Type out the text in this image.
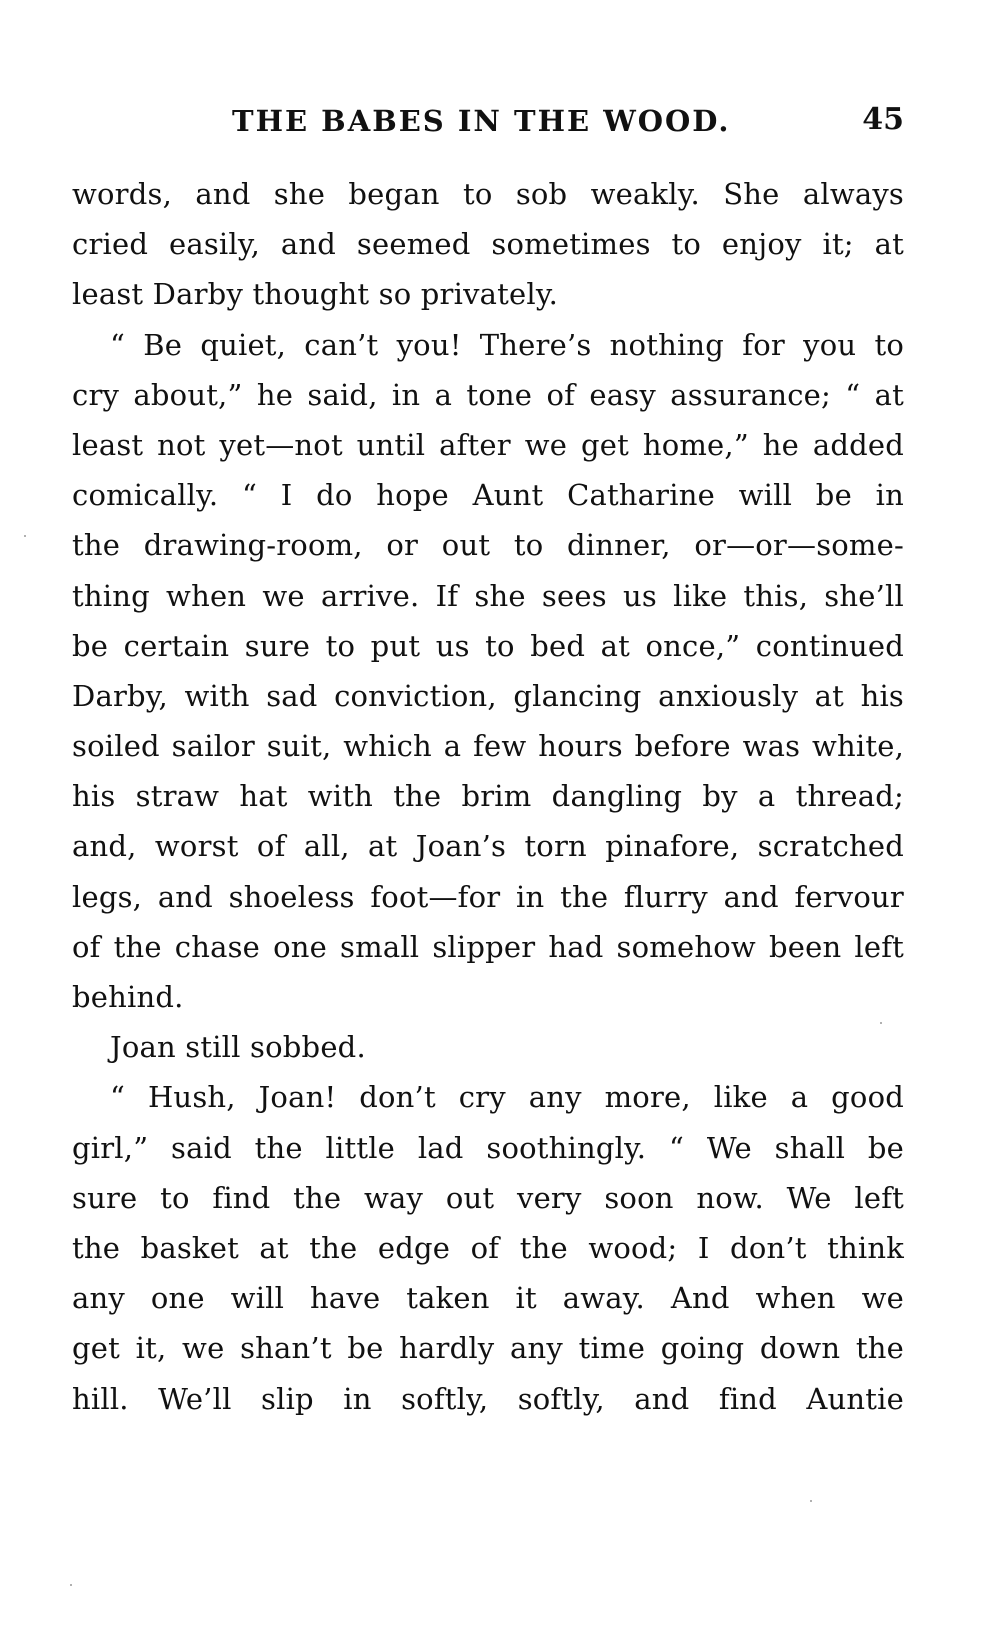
THE BABES IN THE WOOD.	45
words, and she began to sob weakly. She always
cried easily, and seemed sometimes to enjoy it; at
least Darby thought so privately.
“ Be quiet, can’t you! There’s nothing for you to
cry about,” he said, in a tone of easy assurance; “ at
least not yet—not until after we get home,” he added
comically. “ I do hope Aunt Catharine will be in
the drawing-room, or out to dinner, or—or—some-
thing when we arrive. If she sees us like this, she’ll
be certain sure to put us to bed at once,” continued
Darby, with sad conviction, glancing anxiously at his
soiled sailor suit, which a few hours before was white,
his straw hat with the brim dangling by a thread;
and, worst of all, at Joan’s torn pinafore, scratched
legs, and shoeless foot—for in the flurry and fervour
of the chase one small slipper had somehow been left
behind.
Joan still sobbed.
“ Hush, Joan! don’t cry any more, like a good
girl,” said the little lad soothingly. “ We shall be
sure to find the way out very soon now. We left
the basket at the edge of the wood; I don’t think
any one will have taken it away. And when we
get it, we shan’t be hardly any time going down the
hill. We’ll slip in softly, softly, and find Auntie
